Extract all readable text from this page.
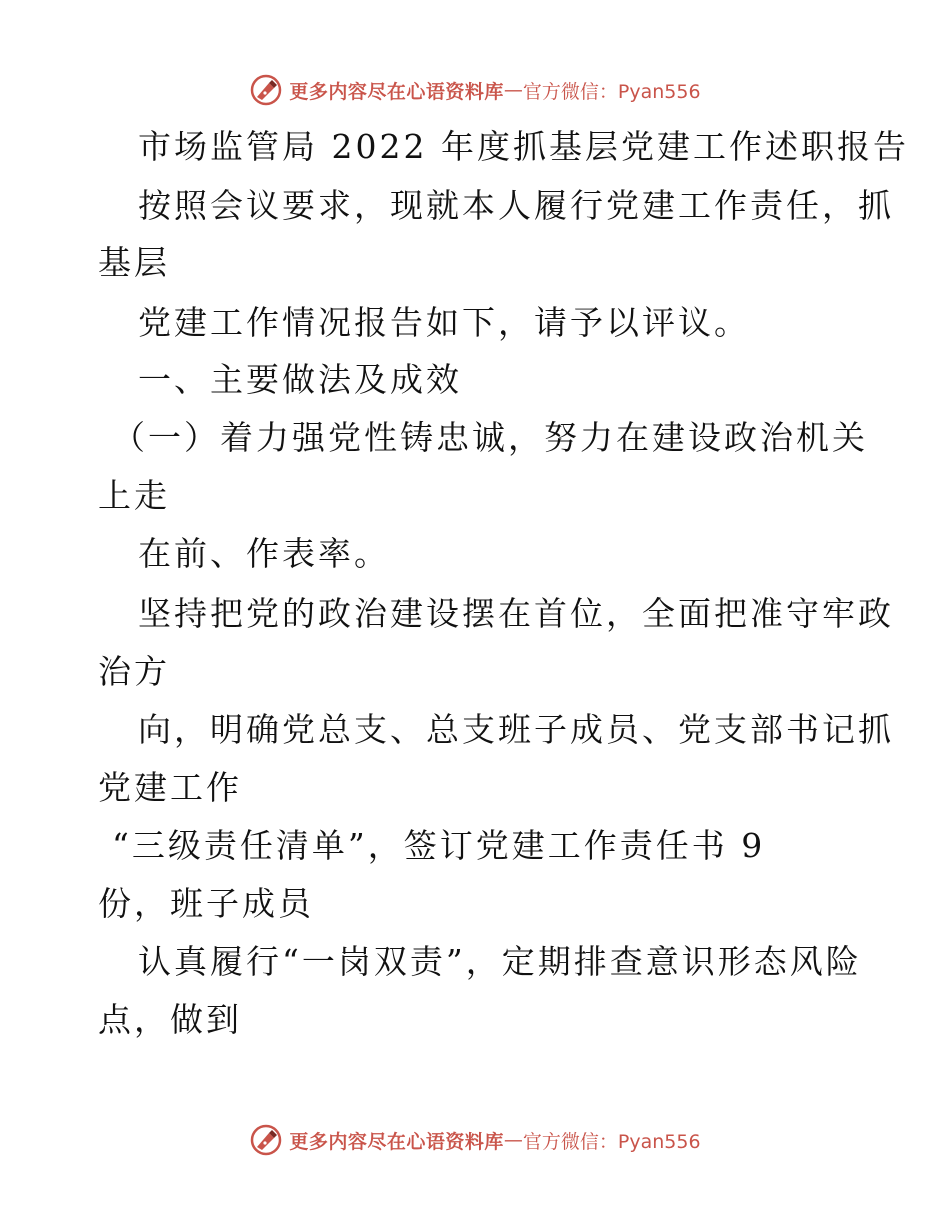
更多内容尽在心语资料库 — 官方微信：Pyan556
市场监管局 2022 年度抓基层党建工作述职报告
按照会议要求，现就本人履行党建工作责任，抓
基层
党建工作情况报告如下，请予以评议。
一、主要做法及成效
（一）着力强党性铸忠诚，努力在建设政治机关
上走
在前、作表率。
坚持把党的政治建设摆在首位，全面把准守牢政
治方
向，明确党总支、总支班子成员、党支部书记抓
党建工作
“三级责任清单”，签订党建工作责任书 9
份，班子成员
认真履行“一岗双责”，定期排查意识形态风险
点，做到
更多内容尽在心语资料库 — 官方微信：Pyan556
